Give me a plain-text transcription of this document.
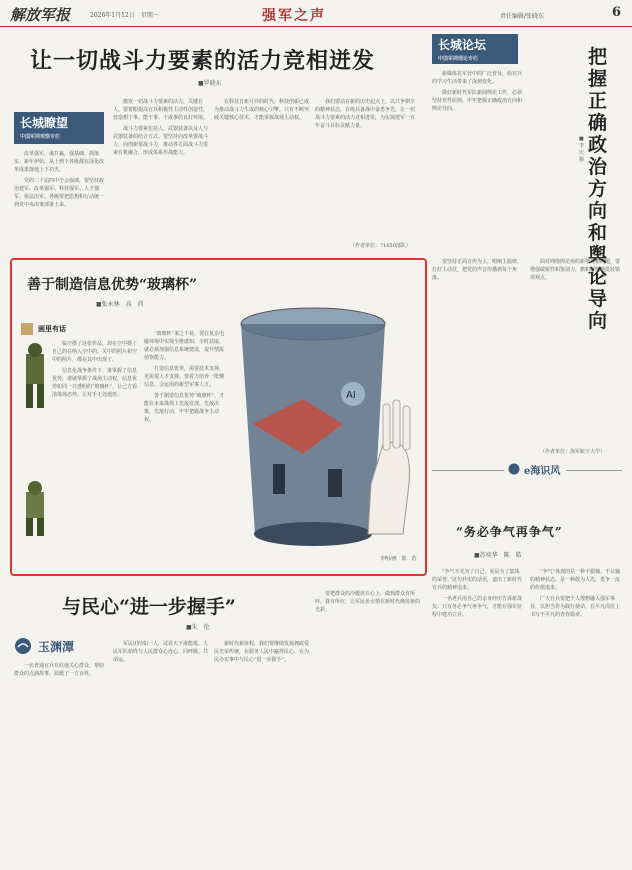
解放军报	2026年1月12日　星期一	强军之声	责任编辑/张晓东	6
让一切战斗力要素的活力竞相迸发
■罗晓东
长城瞭望
中国军网观察专栏

改革强军，谋打赢，强基础、抓落实。新年伊始，从上到下各级都在深化改革成果落地上下功夫。

党的二十届四中全会强调，要坚持政治建军、改革强军、科技强军、人才强军、依法治军。各级要把思想和行动统一到党中央决策部署上来。

激发一切战斗力要素的活力，关键在人。要着眼提高官兵积极性主动性创造性，营造想干事、能干事、干成事的良好环境。

战斗力要素包括人、武器装备以及人与武器装备的结合方式。要坚持向改革要战斗力，向创新要战斗力，推动各方面战斗力要素有机融合，形成体系作战能力。

在科技日新月异的时代，科技创新已成为推动战斗力生成的核心引擎。只有不断突破关键核心技术，才能掌握战场主动权。

我们要站在新的历史起点上，以只争朝夕的精神状态，在练兵备战中奋勇争先，让一切战斗力要素的活力竞相迸发，为实现建军一百年奋斗目标贡献力量。

（作者单位：71650部队）
长城论坛
中国军网理论专栏	把握正确政治方向和舆论导向
■李庆顺

新媒体在军营中的广泛普及，给官兵的学习生活带来了深刻变化。

做好新时代军队新闻舆论工作，必须坚持党性原则，牢牢把握正确政治方向和舆论导向。

要坚持正面宣传为主，唱响主旋律，打好主动仗，把党的声音传播到每个角落。

面对网络舆论场的新情况新问题，要增强敏锐性和鉴别力，旗帜鲜明地批驳错误观点。

（作者单位：海军航空大学）
善于制造信息优势“玻璃杯”
■张永林　高　尚
画里有话

临空摄了这张作品，却在空中摄了自己的在纳入空中的，关中的照片和空中的照片，都在其中出现了。

信息化战争条件下，谁掌握了信息优势，谁就掌握了战场主动权。信息优势如同一只透明的“玻璃杯”，让己方看清战场态势，让对手无处遁形。

“玻璃杯”来之不易。要在复杂电磁环境中实现全维感知、全时获取，就必须加强信息系统建设，提升情报侦察能力。

打造信息优势，需要技术支撑，更需要人才支撑。要着力培养一批懂信息、会运用的新型军事人才。

善于制造信息优势“玻璃杯”，才能在未来战场上先敌发现、先敌决策、先敌行动，牢牢把握战争主动权。

AI
李明/画　陈　浩
与民心“进一步握手”
■朱　伦
玉渊潭

一名普通官兵在驻地关心群众、帮助群众的点滴故事，温暖了一方百姓。

军民团结如一人，试看天下谁能敌。人民军队始终与人民群众心连心、同呼吸、共命运。

新时代新征程，我们要继续发扬拥政爱民光荣传统，在服务人民中赢得民心，在为民办实事中与民心“进一步握手”。

要把群众的冷暖放在心上，做到群众有所呼、我有所应，让军民鱼水情在新时代焕发新的光彩。

e海识风
“务必争气再争气”
■苏奕华　陈　皓

“争气不光为了自己，更是为了集体的荣誉。”这句朴实的话语，道出了新时代官兵的精神追求。

一名老兵用自己的亲身经历告诉新战友：只有务必争气再争气，才能在强军征程中建功立业。

“争气”体现的是一种不服输、不认输的精神状态，是一种敢为人先、勇争一流的价值追求。

广大官兵要把个人理想融入强军事业，以担当作为践行使命，在平凡岗位上书写不平凡的青春篇章。
